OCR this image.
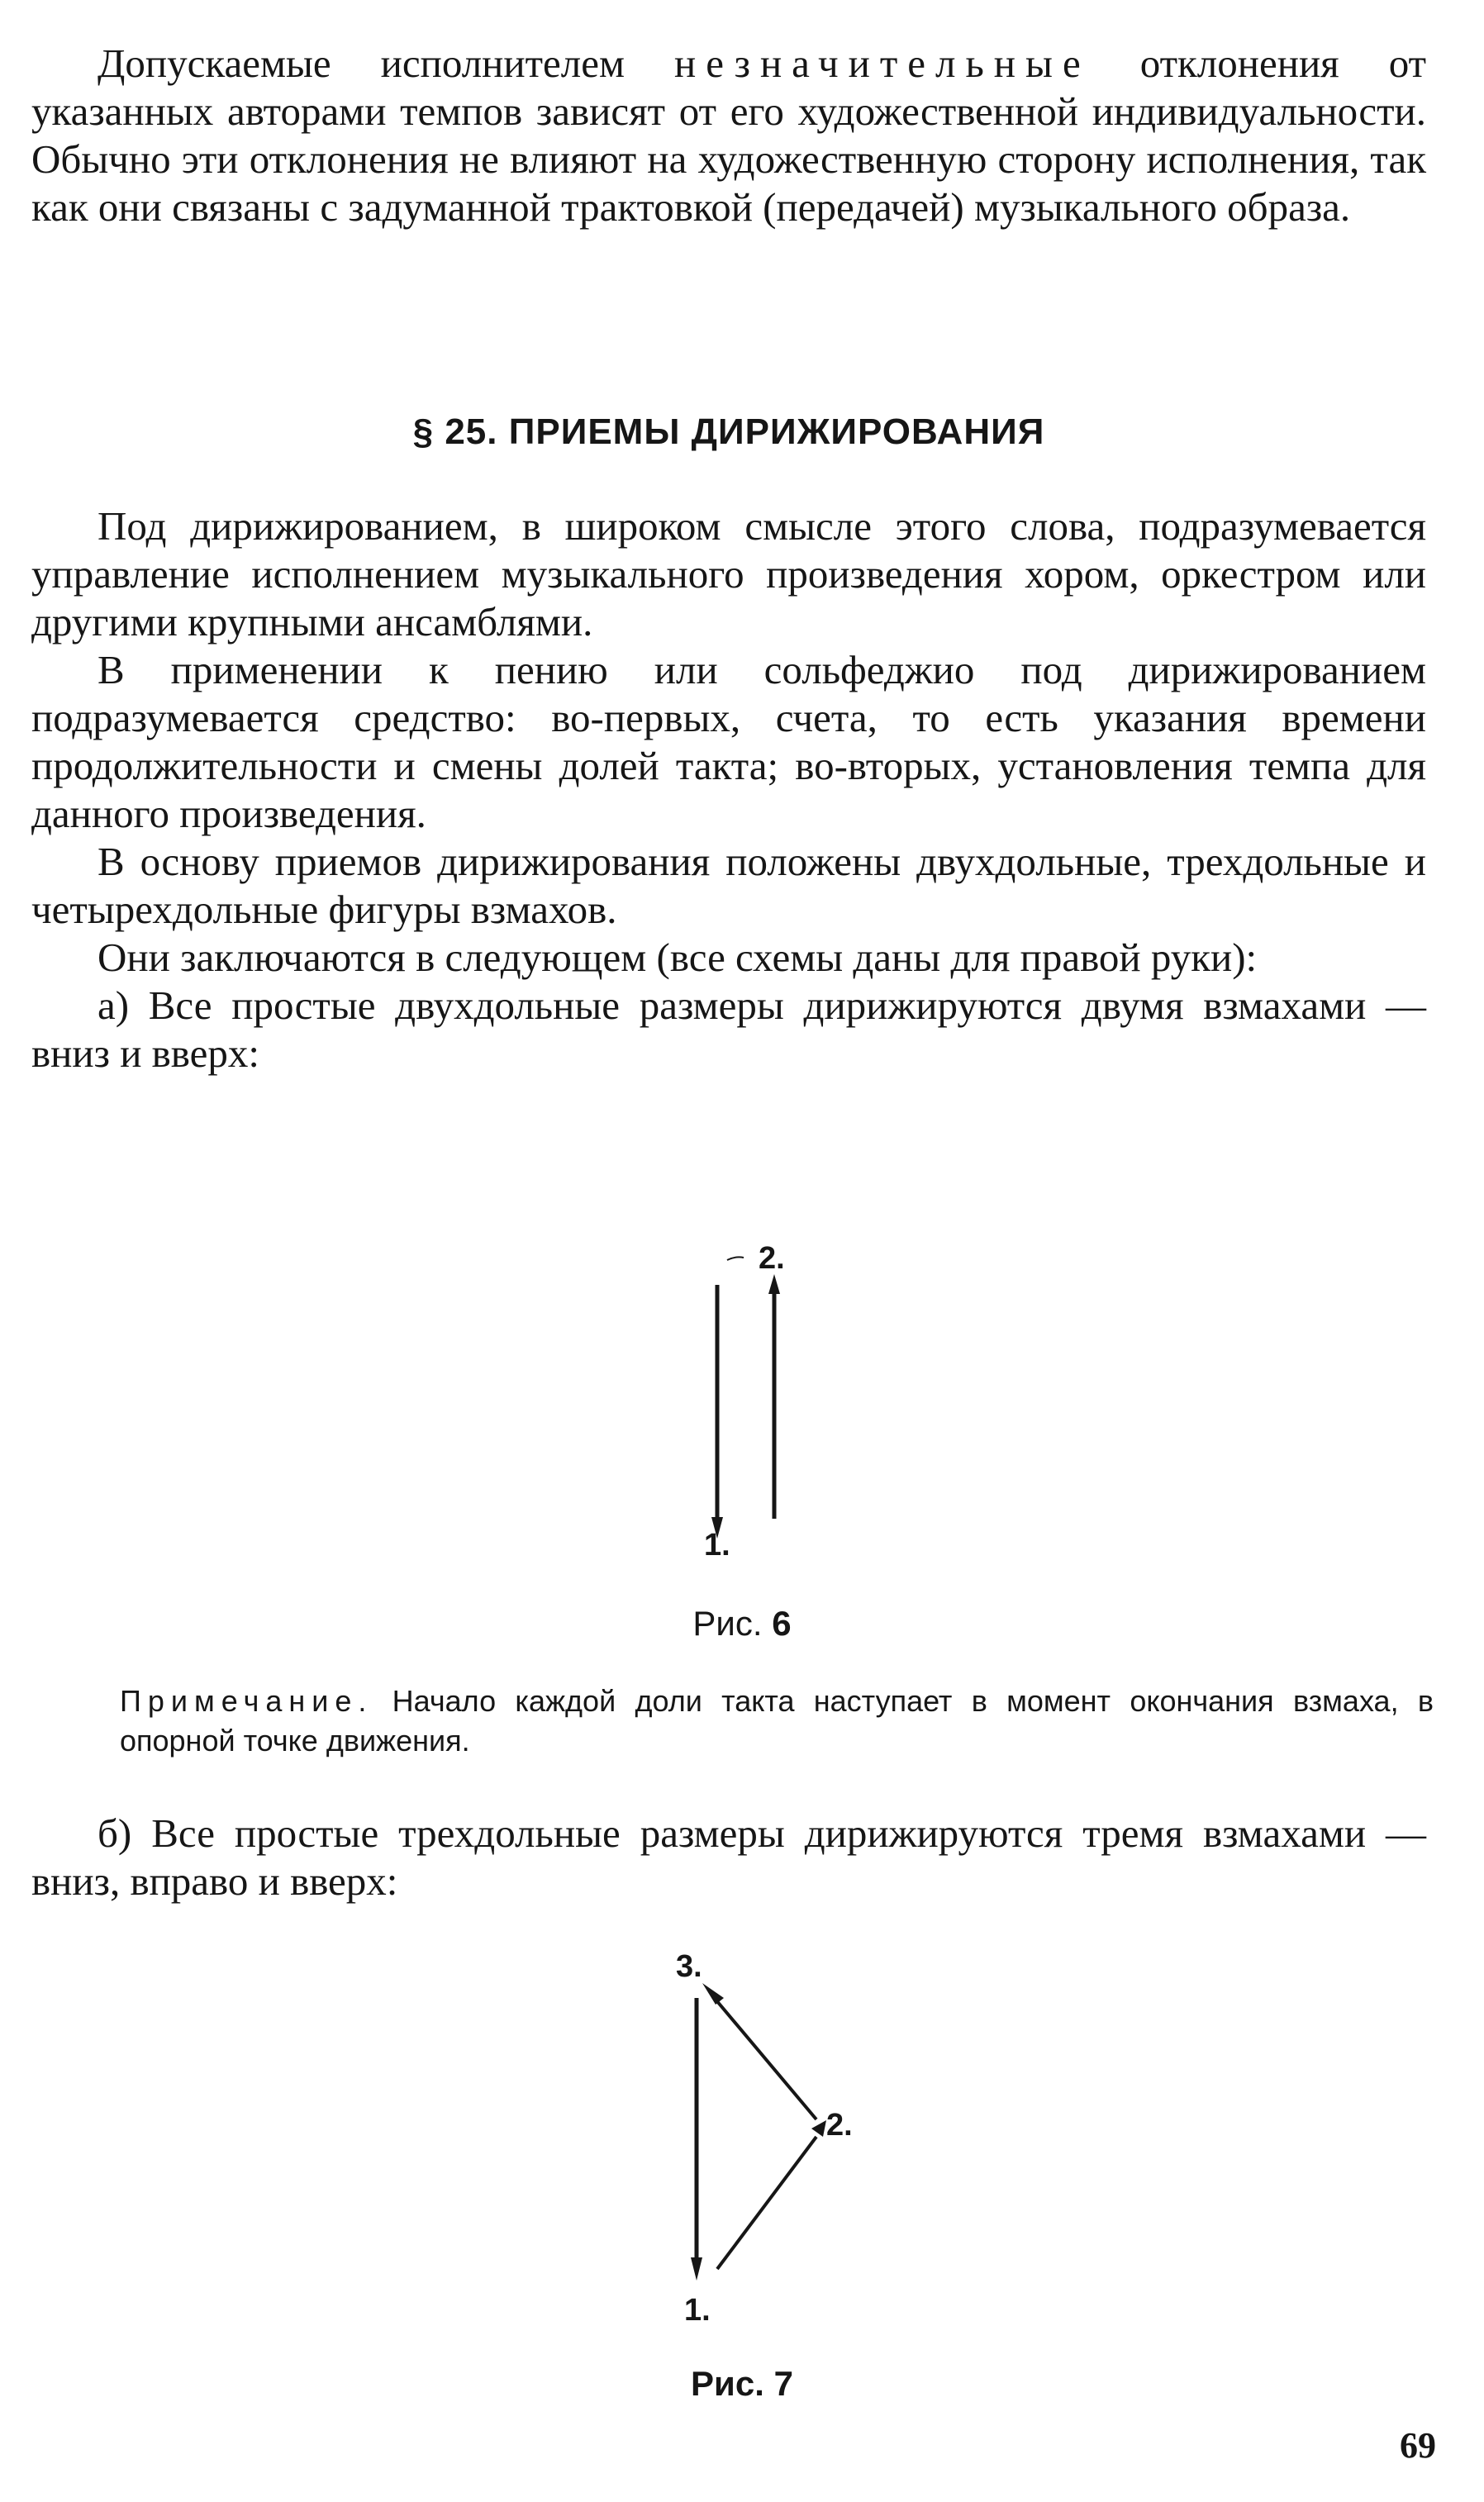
Допускаемые исполнителем незначительные отклонения от указанных авторами темпов зависят от его художественной индивидуальности. Обычно эти отклонения не влияют на художественную сторону исполнения, так как они связаны с задуманной трактовкой (передачей) музыкального образа.

§ 25. ПРИЕМЫ ДИРИЖИРОВАНИЯ

Под дирижированием, в широком смысле этого слова, подразумевается управление исполнением музыкального произведения хором, оркестром или другими крупными ансамблями.

В применении к пению или сольфеджио под дирижированием подразумевается средство: во-первых, счета, то есть указания времени продолжительности и смены долей такта; во-вторых, установления темпа для данного произведения.

В основу приемов дирижирования положены двухдольные, трехдольные и четырехдольные фигуры взмахов.

Они заключаются в следующем (все схемы даны для правой руки):

а) Все простые двухдольные размеры дирижируются двумя взмахами — вниз и вверх:

2.
1.
Рис. 6

Примечание. Начало каждой доли такта наступает в момент окончания взмаха, в опорной точке движения.

б) Все простые трехдольные размеры дирижируются тремя взмахами — вниз, вправо и вверх:

3.
2.
1.
Рис. 7
69
